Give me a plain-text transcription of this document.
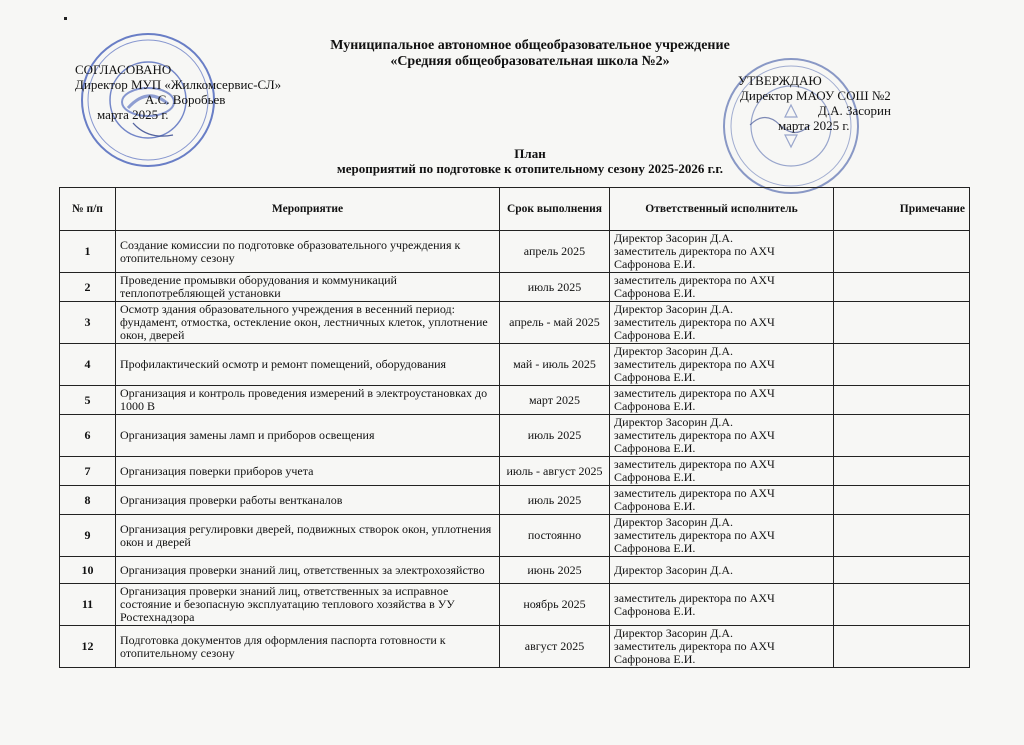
Муниципальное автономное общеобразовательное учреждение
«Средняя общеобразовательная школа №2»
СОГЛАСОВАНО
Директор МУП «Жилкомсервис-СЛ»
А.С. Воробьев
марта 2025 г.
УТВЕРЖДАЮ
Директор МАОУ СОШ №2
Д.А. Засорин
марта 2025 г.
План
мероприятий по подготовке к отопительному сезону 2025-2026 г.г.
№ п/п	Мероприятие	Срок выполнения	Ответственный исполнитель	Примечание
1	Создание комиссии по подготовке образовательного учреждения к отопительному сезону	апрель 2025	Директор Засорин Д.А.
заместитель директора по АХЧ
Сафронова Е.И.	

2	Проведение промывки оборудования и коммуникаций теплопотребляющей установки	июль 2025	заместитель директора по АХЧ
Сафронова Е.И.	

3	Осмотр здания образовательного учреждения в весенний период: фундамент, отмостка, остекление окон, лестничных клеток, уплотнение окон, дверей	апрель - май 2025	Директор Засорин Д.А.
заместитель директора по АХЧ
Сафронова Е.И.	

4	Профилактический осмотр и ремонт помещений, оборудования	май - июль 2025	Директор Засорин Д.А.
заместитель директора по АХЧ
Сафронова Е.И.	

5	Организация и контроль проведения измерений в электроустановках до 1000 В	март 2025	заместитель директора по АХЧ
Сафронова Е.И.	

6	Организация замены ламп и приборов освещения	июль 2025	Директор Засорин Д.А.
заместитель директора по АХЧ
Сафронова Е.И.	

7	Организация поверки приборов учета	июль - август 2025	заместитель директора по АХЧ
Сафронова Е.И.	

8	Организация проверки работы вентканалов	июль 2025	заместитель директора по АХЧ
Сафронова Е.И.	

9	Организация регулировки дверей, подвижных створок окон, уплотнения окон и дверей	постоянно	Директор Засорин Д.А.
заместитель директора по АХЧ
Сафронова Е.И.	

10	Организация проверки знаний лиц, ответственных за электрохозяйство	июнь 2025	Директор Засорин Д.А.	

11	Организация проверки знаний лиц, ответственных за исправное состояние и безопасную эксплуатацию теплового хозяйства в УУ Ростехнадзора	ноябрь 2025	заместитель директора по АХЧ
Сафронова Е.И.	

12	Подготовка документов для оформления паспорта готовности к отопительному сезону	август 2025	Директор Засорин Д.А.
заместитель директора по АХЧ
Сафронова Е.И.	
